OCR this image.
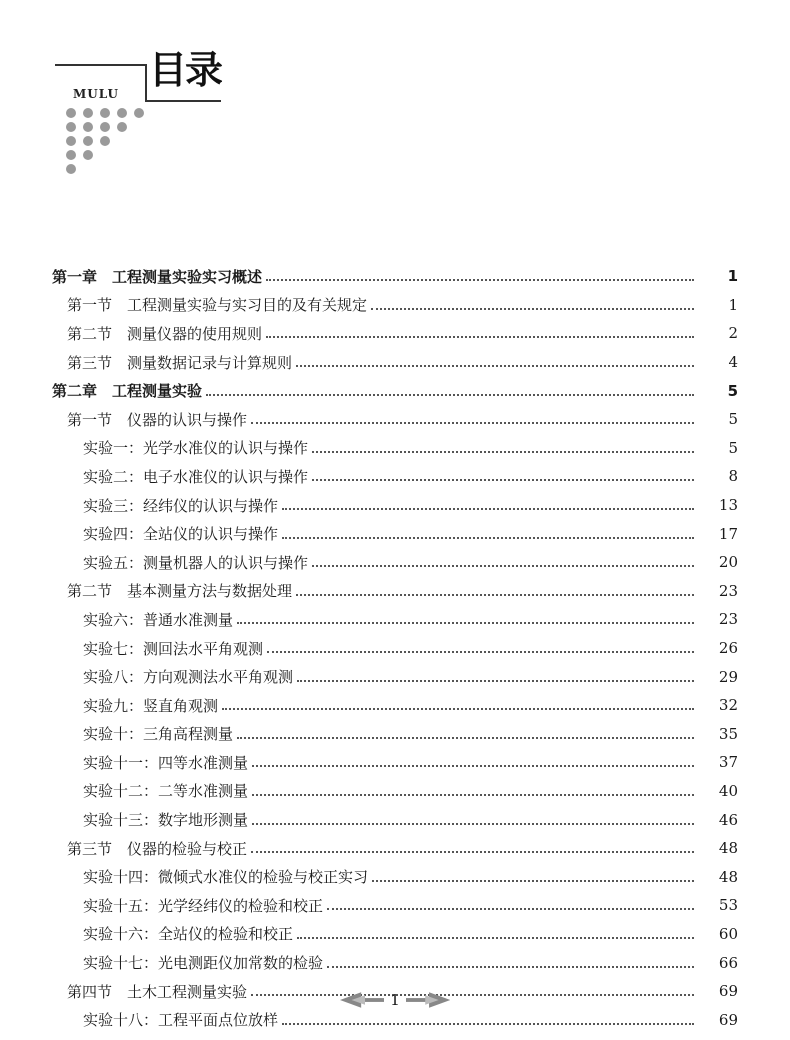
目录
MULU
第一章　工程测量实验实习概述	1
第一节　工程测量实验与实习目的及有关规定	1
第二节　测量仪器的使用规则	2
第三节　测量数据记录与计算规则	4
第二章　工程测量实验	5
第一节　仪器的认识与操作	5
实验一：光学水准仪的认识与操作	5
实验二：电子水准仪的认识与操作	8
实验三：经纬仪的认识与操作	13
实验四：全站仪的认识与操作	17
实验五：测量机器人的认识与操作	20
第二节　基本测量方法与数据处理	23
实验六：普通水准测量	23
实验七：测回法水平角观测	26
实验八：方向观测法水平角观测	29
实验九：竖直角观测	32
实验十：三角高程测量	35
实验十一：四等水准测量	37
实验十二：二等水准测量	40
实验十三：数字地形测量	46
第三节　仪器的检验与校正	48
实验十四：微倾式水准仪的检验与校正实习	48
实验十五：光学经纬仪的检验和校正	53
实验十六：全站仪的检验和校正	60
实验十七：光电测距仪加常数的检验	66
第四节　土木工程测量实验	69
实验十八：工程平面点位放样	69
1
